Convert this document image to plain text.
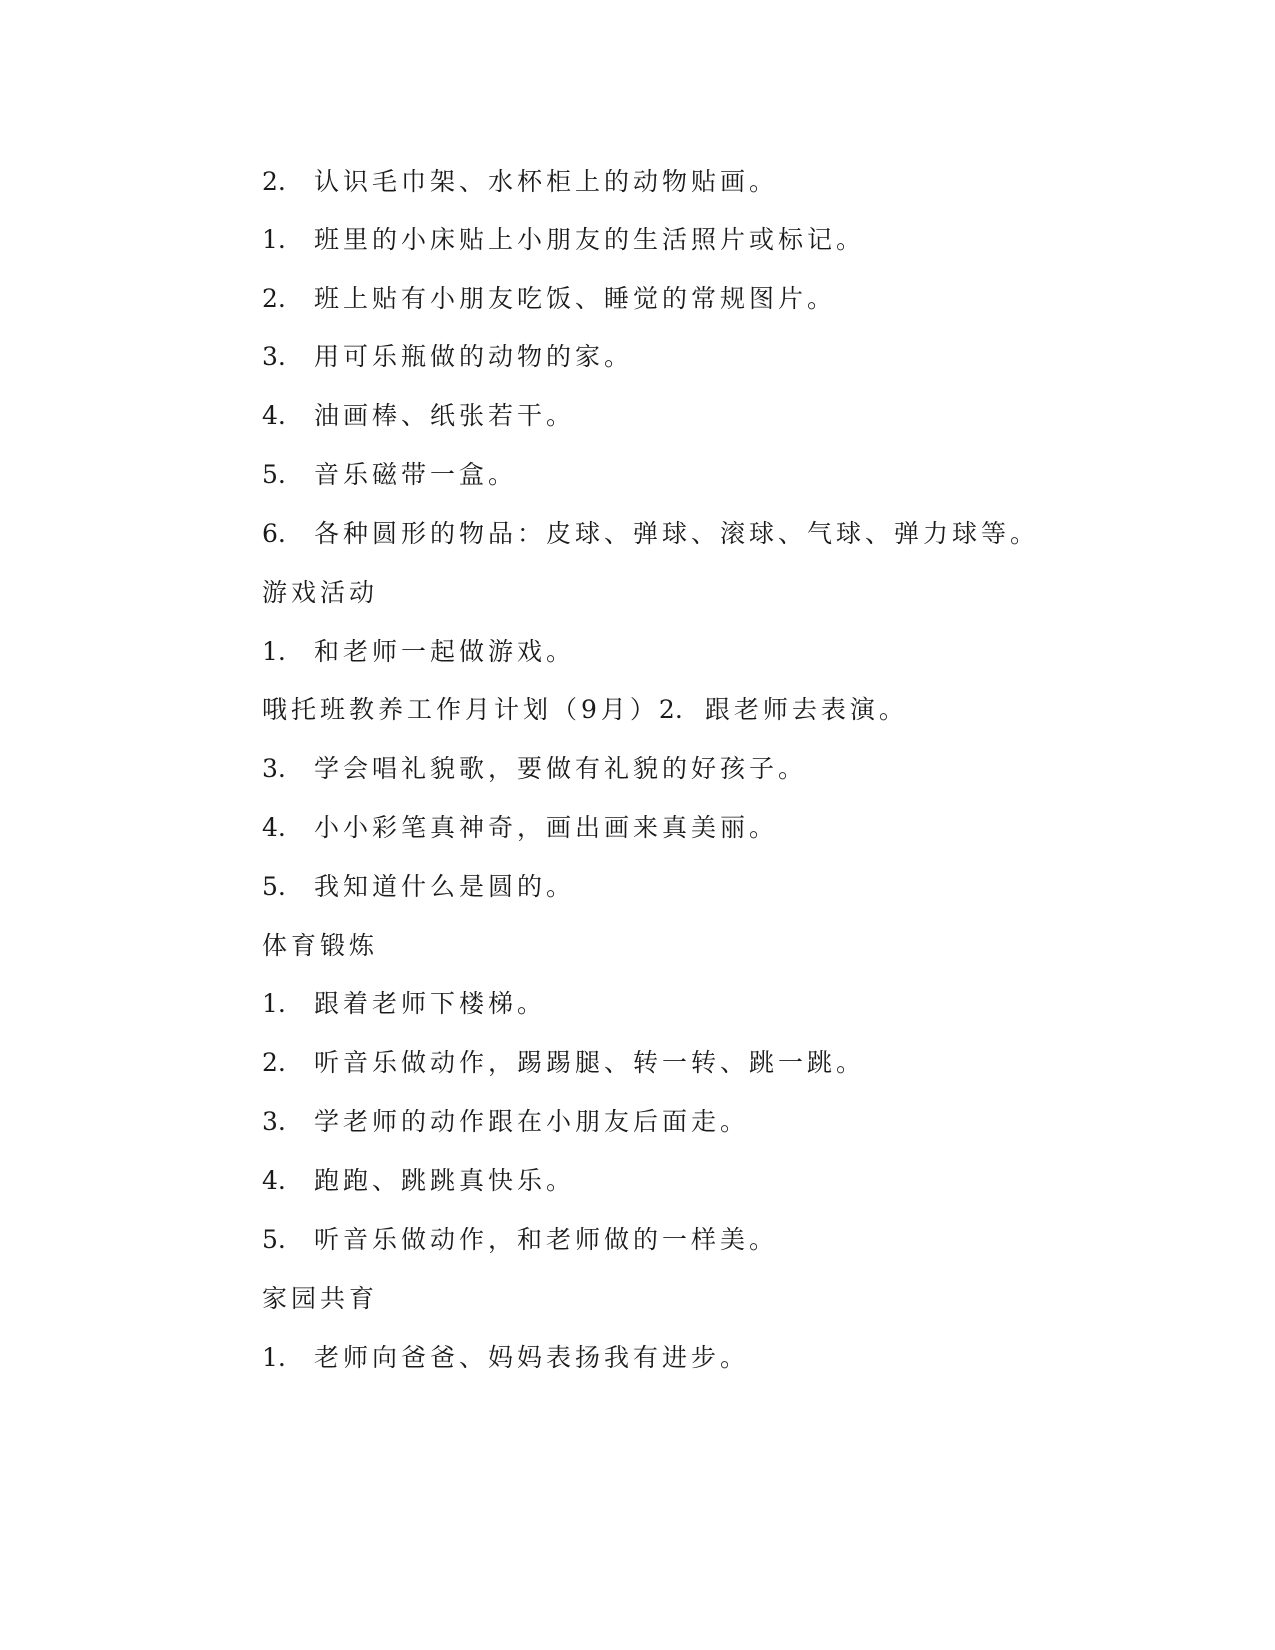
2. 认识毛巾架、水杯柜上的动物贴画。
1. 班里的小床贴上小朋友的生活照片或标记。
2. 班上贴有小朋友吃饭、睡觉的常规图片。
3. 用可乐瓶做的动物的家。
4. 油画棒、纸张若干。
5. 音乐磁带一盒。
6. 各种圆形的物品：皮球、弹球、滚球、气球、弹力球等。
游戏活动
1. 和老师一起做游戏。
哦托班教养工作月计划（9月）2. 跟老师去表演。
3. 学会唱礼貌歌，要做有礼貌的好孩子。
4. 小小彩笔真神奇，画出画来真美丽。
5. 我知道什么是圆的。
体育锻炼
1. 跟着老师下楼梯。
2. 听音乐做动作，踢踢腿、转一转、跳一跳。
3. 学老师的动作跟在小朋友后面走。
4. 跑跑、跳跳真快乐。
5. 听音乐做动作，和老师做的一样美。
家园共育
1. 老师向爸爸、妈妈表扬我有进步。
